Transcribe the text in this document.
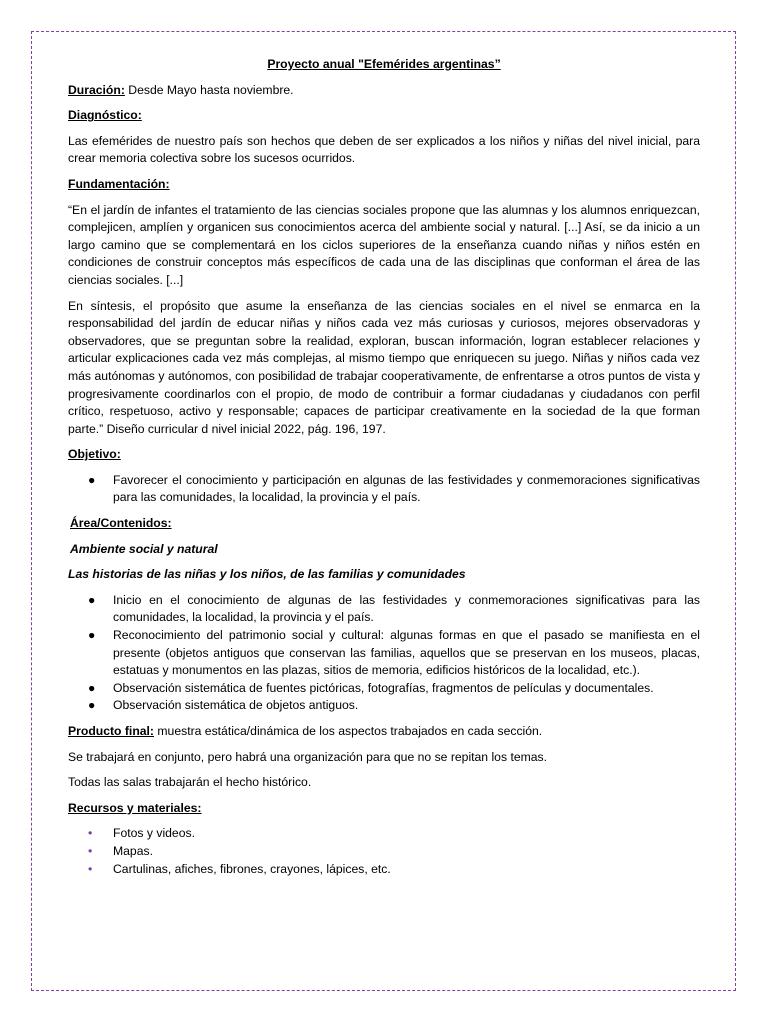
Proyecto anual "Efemérides argentinas”

Duración: Desde Mayo hasta noviembre.

Diagnóstico:

Las efemérides de nuestro país son hechos que deben de ser explicados a los niños y niñas del nivel inicial, para crear memoria colectiva sobre los sucesos ocurridos.

Fundamentación:

“En el jardín de infantes el tratamiento de las ciencias sociales propone que las alumnas y los alumnos enriquezcan, complejicen, amplíen y organicen sus conocimientos acerca del ambiente social y natural. [...] Así, se da inicio a un largo camino que se complementará en los ciclos superiores de la enseñanza cuando niñas y niños estén en condiciones de construir conceptos más específicos de cada una de las disciplinas que conforman el área de las ciencias sociales. [...]

En síntesis, el propósito que asume la enseñanza de las ciencias sociales en el nivel se enmarca en la responsabilidad del jardín de educar niñas y niños cada vez más curiosas y curiosos, mejores observadoras y observadores, que se preguntan sobre la realidad, exploran, buscan información, logran establecer relaciones y articular explicaciones cada vez más complejas, al mismo tiempo que enriquecen su juego. Niñas y niños cada vez más autónomas y autónomos, con posibilidad de trabajar cooperativamente, de enfrentarse a otros puntos de vista y progresivamente coordinarlos con el propio, de modo de contribuir a formar ciudadanas y ciudadanos con perfil crítico, respetuoso, activo y responsable; capaces de participar creativamente en la sociedad de la que forman parte.” Diseño curricular d nivel inicial 2022, pág. 196, 197.

Objetivo:

● Favorecer el conocimiento y participación en algunas de las festividades y conmemoraciones significativas para las comunidades, la localidad, la provincia y el país.

Área/Contenidos:

Ambiente social y natural

Las historias de las niñas y los niños, de las familias y comunidades

● Inicio en el conocimiento de algunas de las festividades y conmemoraciones significativas para las comunidades, la localidad, la provincia y el país.
● Reconocimiento del patrimonio social y cultural: algunas formas en que el pasado se manifiesta en el presente (objetos antiguos que conservan las familias, aquellos que se preservan en los museos, placas, estatuas y monumentos en las plazas, sitios de memoria, edificios históricos de la localidad, etc.).
● Observación sistemática de fuentes pictóricas, fotografías, fragmentos de películas y documentales.
● Observación sistemática de objetos antiguos.

Producto final: muestra estática/dinámica de los aspectos trabajados en cada sección.

Se trabajará en conjunto, pero habrá una organización para que no se repitan los temas.

Todas las salas trabajarán el hecho histórico.

Recursos y materiales:

• Fotos y videos.
• Mapas.
• Cartulinas, afiches, fibrones, crayones, lápices, etc.
